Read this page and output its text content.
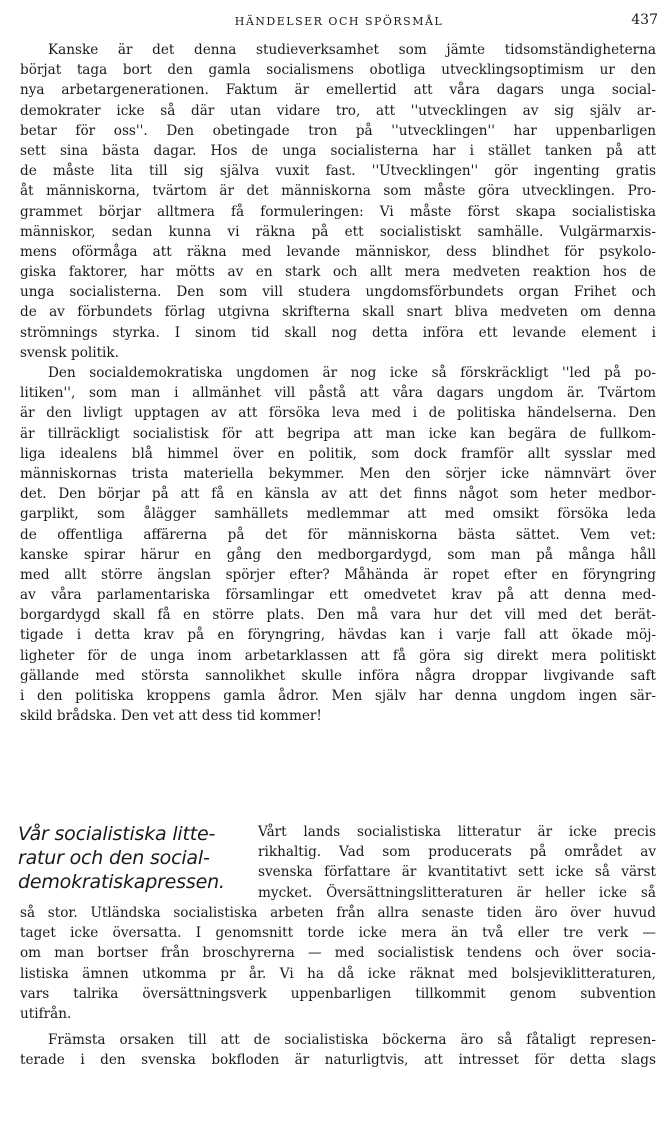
HÄNDELSER OCH SPÖRSMÅL	437
Kanske är det denna studieverksamhet som jämte tidsomständigheterna
börjat taga bort den gamla socialismens obotliga utvecklingsoptimism ur den
nya arbetargenerationen. Faktum är emellertid att våra dagars unga social-
demokrater icke så där utan vidare tro, att ''utvecklingen av sig själv ar-
betar för oss''. Den obetingade tron på ''utvecklingen'' har uppenbarligen
sett sina bästa dagar. Hos de unga socialisterna har i stället tanken på att
de måste lita till sig själva vuxit fast. ''Utvecklingen'' gör ingenting gratis
åt människorna, tvärtom är det människorna som måste göra utvecklingen. Pro-
grammet börjar alltmera få formuleringen: Vi måste först skapa socialistiska
människor, sedan kunna vi räkna på ett socialistiskt samhälle. Vulgärmarxis-
mens oförmåga att räkna med levande människor, dess blindhet för psykolo-
giska faktorer, har mötts av en stark och allt mera medveten reaktion hos de
unga socialisterna. Den som vill studera ungdomsförbundets organ Frihet och
de av förbundets förlag utgivna skrifterna skall snart bliva medveten om denna
strömnings styrka. I sinom tid skall nog detta införa ett levande element i
svensk politik.
Den socialdemokratiska ungdomen är nog icke så förskräckligt ''led på po-
litiken'', som man i allmänhet vill påstå att våra dagars ungdom är. Tvärtom
är den livligt upptagen av att försöka leva med i de politiska händelserna. Den
är tillräckligt socialistisk för att begripa att man icke kan begära de fullkom-
liga idealens blå himmel över en politik, som dock framför allt sysslar med
människornas trista materiella bekymmer. Men den sörjer icke nämnvärt över
det. Den börjar på att få en känsla av att det finns något som heter medbor-
garplikt, som ålägger samhällets medlemmar att med omsikt försöka leda
de offentliga affärerna på det för människorna bästa sättet. Vem vet:
kanske spirar härur en gång den medborgardygd, som man på många håll
med allt större ängslan spörjer efter? Måhända är ropet efter en föryngring
av våra parlamentariska församlingar ett omedvetet krav på att denna med-
borgardygd skall få en större plats. Den må vara hur det vill med det berät-
tigade i detta krav på en föryngring, hävdas kan i varje fall att ökade möj-
ligheter för de unga inom arbetarklassen att få göra sig direkt mera politiskt
gällande med största sannolikhet skulle införa några droppar livgivande saft
i den politiska kroppens gamla ådror. Men själv har denna ungdom ingen sär-
skild brådska. Den vet att dess tid kommer!
Vår socialistiska litte-
ratur och den social-
demokratiskapressen.
Vårt lands socialistiska litteratur är icke precis
rikhaltig. Vad som producerats på området av
svenska författare är kvantitativt sett icke så värst
mycket. Översättningslitteraturen är heller icke så
så stor. Utländska socialistiska arbeten från allra senaste tiden äro över huvud
taget icke översatta. I genomsnitt torde icke mera än två eller tre verk —
om man bortser från broschyrerna — med socialistisk tendens och över socia-
listiska ämnen utkomma pr år. Vi ha då icke räknat med bolsjeviklitteraturen,
vars talrika översättningsverk uppenbarligen tillkommit genom subvention
utifrån.
Främsta orsaken till att de socialistiska böckerna äro så fåtaligt represen-
terade i den svenska bokfloden är naturligtvis, att intresset för detta slags
